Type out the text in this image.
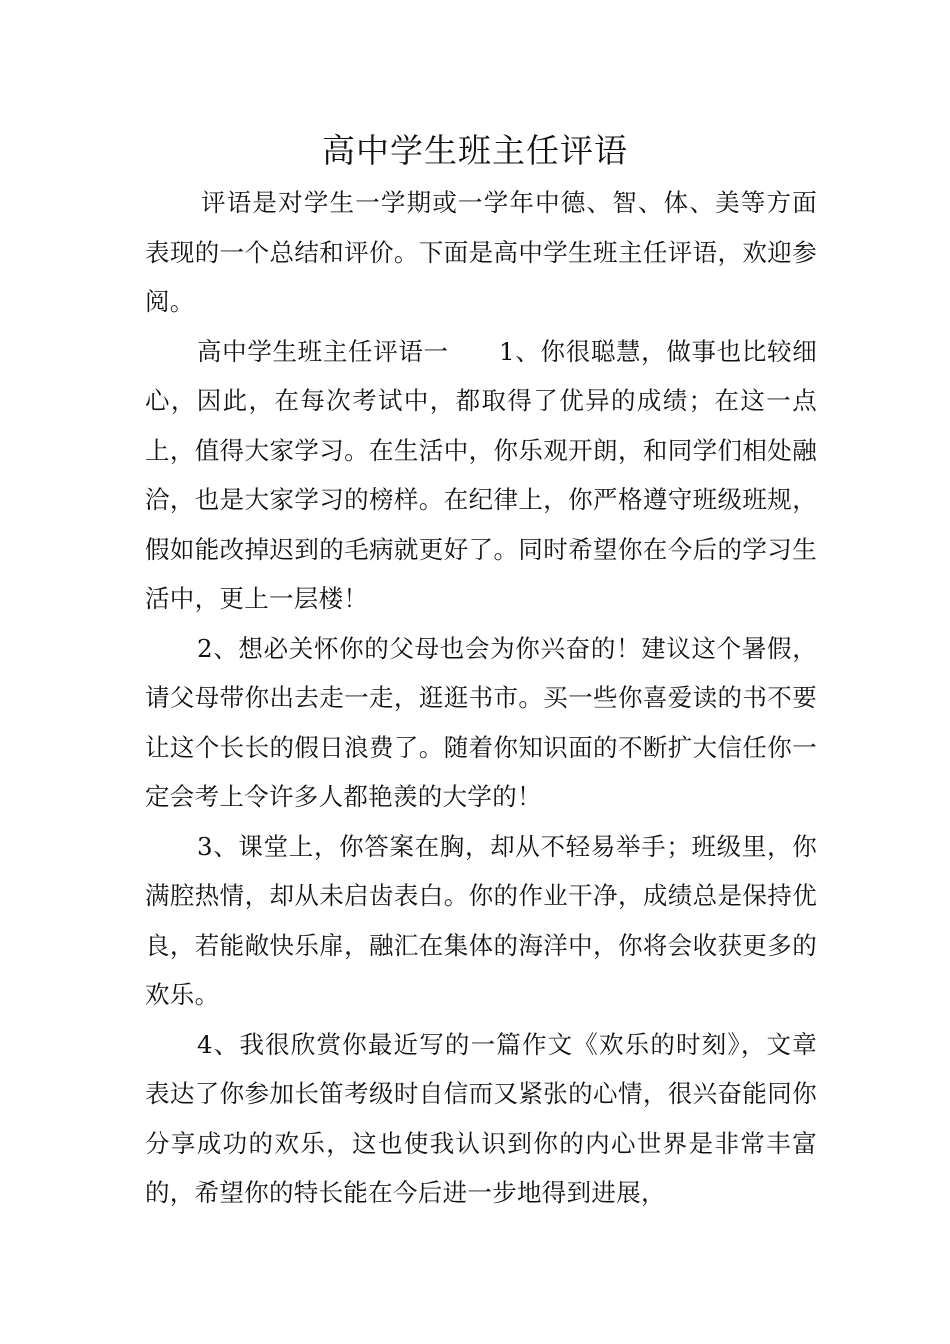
高中学生班主任评语

评语是对学生一学期或一学年中德、智、体、美等方面表现的一个总结和评价。下面是高中学生班主任评语，欢迎参阅。

高中学生班主任评语一　　1、你很聪慧，做事也比较细心，因此，在每次考试中，都取得了优异的成绩；在这一点上，值得大家学习。在生活中，你乐观开朗，和同学们相处融洽，也是大家学习的榜样。在纪律上，你严格遵守班级班规，假如能改掉迟到的毛病就更好了。同时希望你在今后的学习生活中，更上一层楼！

2、想必关怀你的父母也会为你兴奋的！建议这个暑假，请父母带你出去走一走，逛逛书市。买一些你喜爱读的书不要让这个长长的假日浪费了。随着你知识面的不断扩大信任你一定会考上令许多人都艳羡的大学的！

3、课堂上，你答案在胸，却从不轻易举手；班级里，你满腔热情，却从未启齿表白。你的作业干净，成绩总是保持优良，若能敞快乐扉，融汇在集体的海洋中，你将会收获更多的欢乐。

4、我很欣赏你最近写的一篇作文《欢乐的时刻》，文章表达了你参加长笛考级时自信而又紧张的心情，很兴奋能同你分享成功的欢乐，这也使我认识到你的内心世界是非常丰富的，希望你的特长能在今后进一步地得到进展，
